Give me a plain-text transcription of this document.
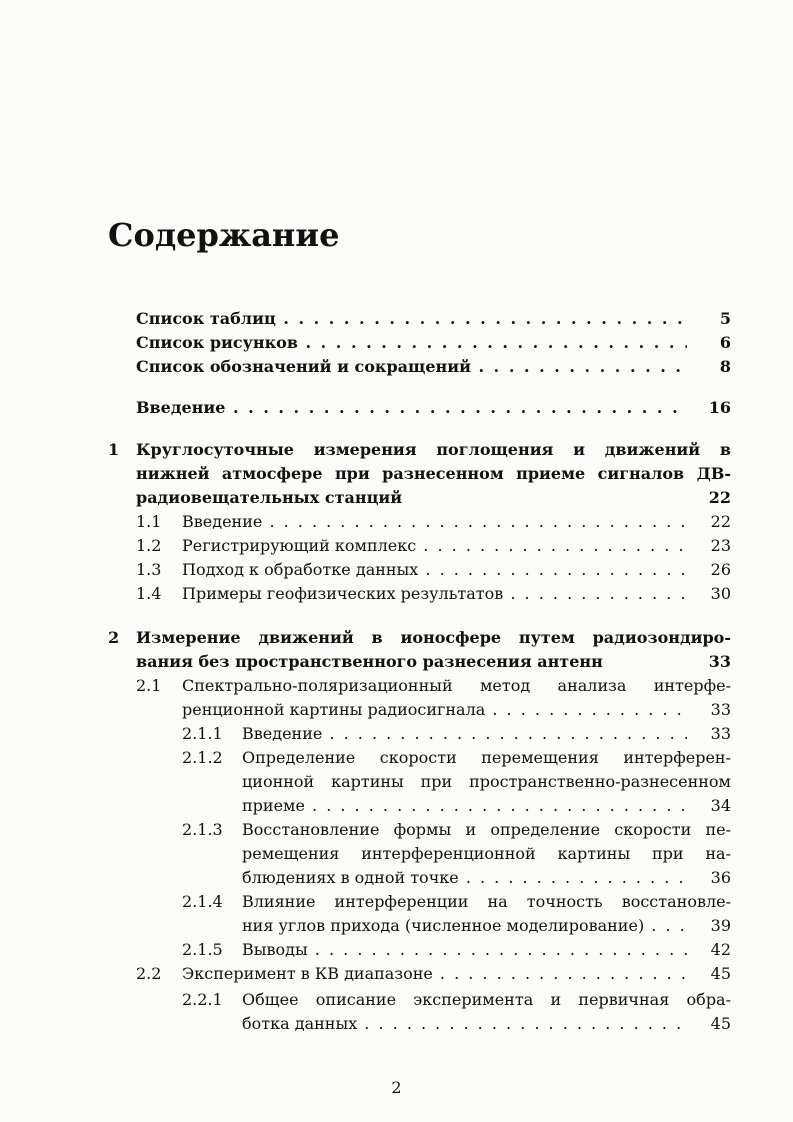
Содержание
Список таблиц . . .	5
Список рисунков . . .	6
Список обозначений и сокращений . . .	8
Введение . . .	16
1 Круглосуточные измерения поглощения и движений в
нижней атмосфере при разнесенном приеме сигналов ДВ-
радиовещательных станций	22
1.1 Введение . . .	22
1.2 Регистрирующий комплекс . . .	23
1.3 Подход к обработке данных . . .	26
1.4 Примеры геофизических результатов . . .	30
2 Измерение движений в ионосфере путем радиозондиро-
вания без пространственного разнесения антенн	33
2.1 Спектрально-поляризационный метод анализа интерфе-
ренционной картины радиосигнала . . .	33
2.1.1 Введение . . .	33
2.1.2 Определение скорости перемещения интерферен-
ционной картины при пространственно-разнесенном
приеме . . .	34
2.1.3 Восстановление формы и определение скорости пе-
ремещения интерференционной картины при на-
блюдениях в одной точке . . .	36
2.1.4 Влияние интерференции на точность восстановле-
ния углов прихода (численное моделирование) . . .	39
2.1.5 Выводы . . .	42
2.2 Эксперимент в КВ диапазоне . . .	45
2.2.1 Общее описание эксперимента и первичная обра-
ботка данных . . .	45
2
